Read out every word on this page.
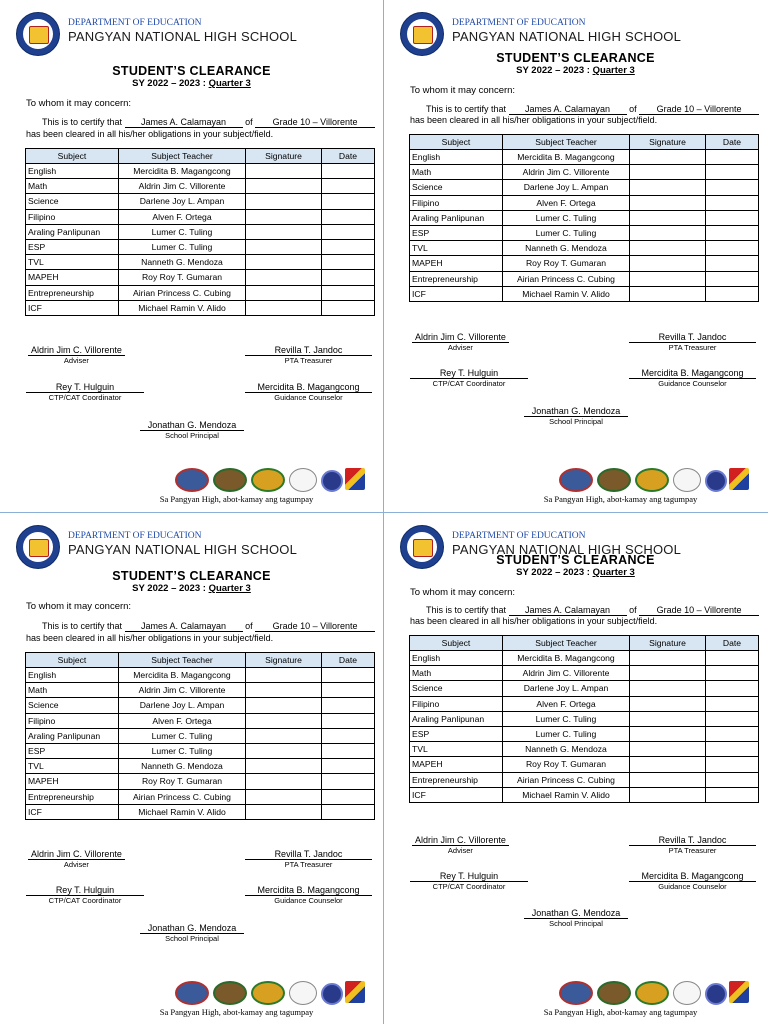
DEPARTMENT OF EDUCATION
PANGYAN NATIONAL HIGH SCHOOL
STUDENT’S CLEARANCE
SY 2022 – 2023 : Quarter 3
To whom it may concern:
This is to certify that James A. Calamayan of Grade 10 – Villorente
has been cleared in all his/her obligations in your subject/field.
Subject	Subject Teacher	Signature	Date
English	Mercidita B. Magangcong		
Math	Aldrin Jim C. Villorente		
Science	Darlene Joy L. Ampan		
Filipino	Alven F. Ortega		
Araling Panlipunan	Lumer C. Tuling		
ESP	Lumer C. Tuling		
TVL	Nanneth G. Mendoza		
MAPEH	Roy Roy T. Gumaran		
Entrepreneurship	Airian Princess C. Cubing		
ICF	Michael Ramin V. Alido		
Aldrin Jim C. Villorente
Adviser
Revilla T. Jandoc
PTA Treasurer
Rey T. Hulguin
CTP/CAT Coordinator
Mercidita B. Magangcong
Guidance Counselor
Jonathan G. Mendoza
School Principal
Sa Pangyan High, abot-kamay ang tagumpay
DEPARTMENT OF EDUCATION
PANGYAN NATIONAL HIGH SCHOOL
STUDENT’S CLEARANCE
SY 2022 – 2023 : Quarter 3
To whom it may concern:
This is to certify that James A. Calamayan of Grade 10 – Villorente
has been cleared in all his/her obligations in your subject/field.
Subject	Subject Teacher	Signature	Date
English	Mercidita B. Magangcong		
Math	Aldrin Jim C. Villorente		
Science	Darlene Joy L. Ampan		
Filipino	Alven F. Ortega		
Araling Panlipunan	Lumer C. Tuling		
ESP	Lumer C. Tuling		
TVL	Nanneth G. Mendoza		
MAPEH	Roy Roy T. Gumaran		
Entrepreneurship	Airian Princess C. Cubing		
ICF	Michael Ramin V. Alido		
Aldrin Jim C. Villorente
Adviser
Revilla T. Jandoc
PTA Treasurer
Rey T. Hulguin
CTP/CAT Coordinator
Mercidita B. Magangcong
Guidance Counselor
Jonathan G. Mendoza
School Principal
Sa Pangyan High, abot-kamay ang tagumpay
DEPARTMENT OF EDUCATION
PANGYAN NATIONAL HIGH SCHOOL
STUDENT’S CLEARANCE
SY 2022 – 2023 : Quarter 3
To whom it may concern:
This is to certify that James A. Calamayan of Grade 10 – Villorente
has been cleared in all his/her obligations in your subject/field.
Subject	Subject Teacher	Signature	Date
English	Mercidita B. Magangcong		
Math	Aldrin Jim C. Villorente		
Science	Darlene Joy L. Ampan		
Filipino	Alven F. Ortega		
Araling Panlipunan	Lumer C. Tuling		
ESP	Lumer C. Tuling		
TVL	Nanneth G. Mendoza		
MAPEH	Roy Roy T. Gumaran		
Entrepreneurship	Airian Princess C. Cubing		
ICF	Michael Ramin V. Alido		
Aldrin Jim C. Villorente
Adviser
Revilla T. Jandoc
PTA Treasurer
Rey T. Hulguin
CTP/CAT Coordinator
Mercidita B. Magangcong
Guidance Counselor
Jonathan G. Mendoza
School Principal
Sa Pangyan High, abot-kamay ang tagumpay
DEPARTMENT OF EDUCATION
PANGYAN NATIONAL HIGH SCHOOL
STUDENT’S CLEARANCE
SY 2022 – 2023 : Quarter 3
To whom it may concern:
This is to certify that James A. Calamayan of Grade 10 – Villorente
has been cleared in all his/her obligations in your subject/field.
Subject	Subject Teacher	Signature	Date
English	Mercidita B. Magangcong		
Math	Aldrin Jim C. Villorente		
Science	Darlene Joy L. Ampan		
Filipino	Alven F. Ortega		
Araling Panlipunan	Lumer C. Tuling		
ESP	Lumer C. Tuling		
TVL	Nanneth G. Mendoza		
MAPEH	Roy Roy T. Gumaran		
Entrepreneurship	Airian Princess C. Cubing		
ICF	Michael Ramin V. Alido		
Aldrin Jim C. Villorente
Adviser
Revilla T. Jandoc
PTA Treasurer
Rey T. Hulguin
CTP/CAT Coordinator
Mercidita B. Magangcong
Guidance Counselor
Jonathan G. Mendoza
School Principal
Sa Pangyan High, abot-kamay ang tagumpay
